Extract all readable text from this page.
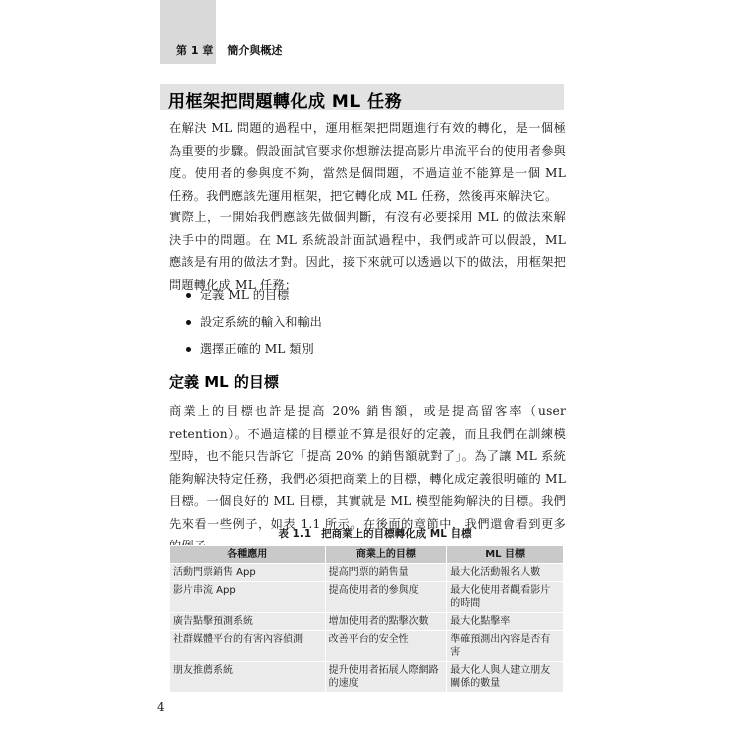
第 1 章 簡介與概述
用框架把問題轉化成 ML 任務

在解決 ML 問題的過程中，運用框架把問題進行有效的轉化，是一個極為重要的步驟。假設面試官要求你想辦法提高影片串流平台的使用者參與度。使用者的參與度不夠，當然是個問題，不過這並不能算是一個 ML 任務。我們應該先運用框架，把它轉化成 ML 任務，然後再來解決它。

實際上，一開始我們應該先做個判斷，有沒有必要採用 ML 的做法來解決手中的問題。在 ML 系統設計面試過程中，我們或許可以假設，ML 應該是有用的做法才對。因此，接下來就可以透過以下的做法，用框架把問題轉化成 ML 任務：

定義 ML 的目標
設定系統的輸入和輸出
選擇正確的 ML 類別
定義 ML 的目標

商業上的目標也許是提高 20% 銷售額，或是提高留客率（user retention）。不過這樣的目標並不算是很好的定義，而且我們在訓練模型時，也不能只告訴它「提高 20% 的銷售額就對了」。為了讓 ML 系統能夠解決特定任務，我們必須把商業上的目標，轉化成定義很明確的 ML 目標。一個良好的 ML 目標，其實就是 ML 模型能夠解決的目標。我們先來看一些例子，如表 1.1 所示。在後面的章節中，我們還會看到更多

表 1.1 把商業上的目標轉化成 ML 目標
各種應用	商業上的目標	ML 目標
活動門票銷售 App	提高門票的銷售量	最大化活動報名人數
影片串流 App	提高使用者的參與度	最大化使用者觀看影片的時間
廣告點擊預測系統	增加使用者的點擊次數	最大化點擊率
社群媒體平台的有害內容偵測	改善平台的安全性	準確預測出內容是否有害
朋友推薦系統	提升使用者拓展人際網路的速度	最大化人與人建立朋友關係的數量
4
